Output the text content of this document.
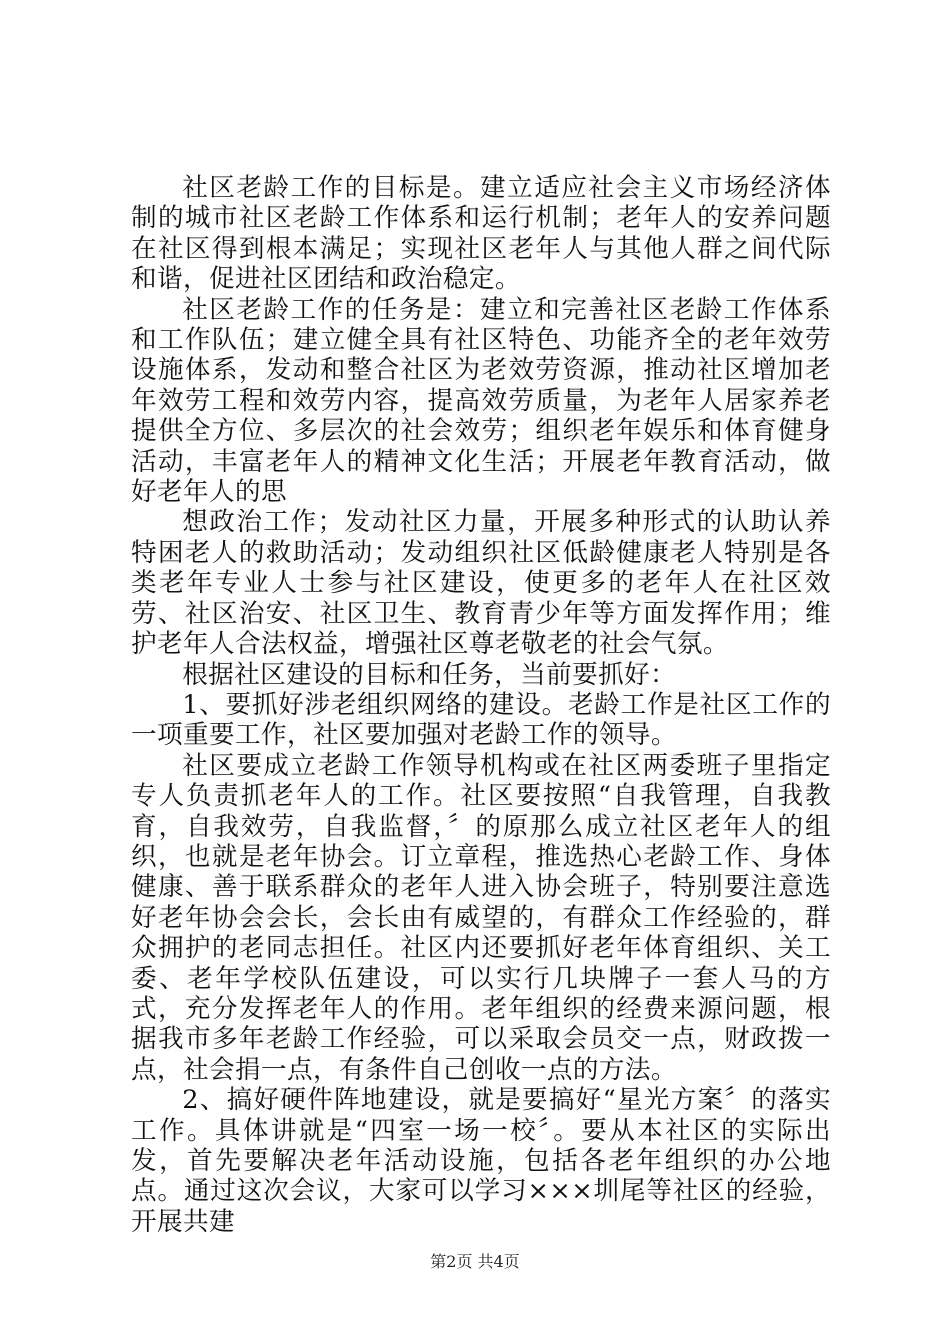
社区老龄工作的目标是。建立适应社会主义市场经济体制的城市社区老龄工作体系和运行机制；老年人的安养问题在社区得到根本满足；实现社区老年人与其他人群之间代际和谐，促进社区团结和政治稳定。

社区老龄工作的任务是：建立和完善社区老龄工作体系和工作队伍；建立健全具有社区特色、功能齐全的老年效劳设施体系，发动和整合社区为老效劳资源，推动社区增加老年效劳工程和效劳内容，提高效劳质量，为老年人居家养老提供全方位、多层次的社会效劳；组织老年娱乐和体育健身活动，丰富老年人的精神文化生活；开展老年教育活动，做好老年人的思

想政治工作；发动社区力量，开展多种形式的认助认养特困老人的救助活动；发动组织社区低龄健康老人特别是各类老年专业人士参与社区建设，使更多的老年人在社区效劳、社区治安、社区卫生、教育青少年等方面发挥作用；维护老年人合法权益，增强社区尊老敬老的社会气氛。

根据社区建设的目标和任务，当前要抓好：

1、要抓好涉老组织网络的建设。老龄工作是社区工作的一项重要工作，社区要加强对老龄工作的领导。

社区要成立老龄工作领导机构或在社区两委班子里指定专人负责抓老年人的工作。社区要按照“自我管理，自我教育，自我效劳，自我监督，〞的原那么成立社区老年人的组织，也就是老年协会。订立章程，推选热心老龄工作、身体健康、善于联系群众的老年人进入协会班子，特别要注意选好老年协会会长，会长由有威望的，有群众工作经验的，群众拥护的老同志担任。社区内还要抓好老年体育组织、关工委、老年学校队伍建设，可以实行几块牌子一套人马的方式，充分发挥老年人的作用。老年组织的经费来源问题，根据我市多年老龄工作经验，可以采取会员交一点，财政拨一点，社会捐一点，有条件自己创收一点的方法。

2、搞好硬件阵地建设，就是要搞好“星光方案〞的落实工作。具体讲就是“四室一场一校〞。要从本社区的实际出发，首先要解决老年活动设施，包括各老年组织的办公地点。通过这次会议，大家可以学习×××圳尾等社区的经验，开展共建

第2页 共4页
